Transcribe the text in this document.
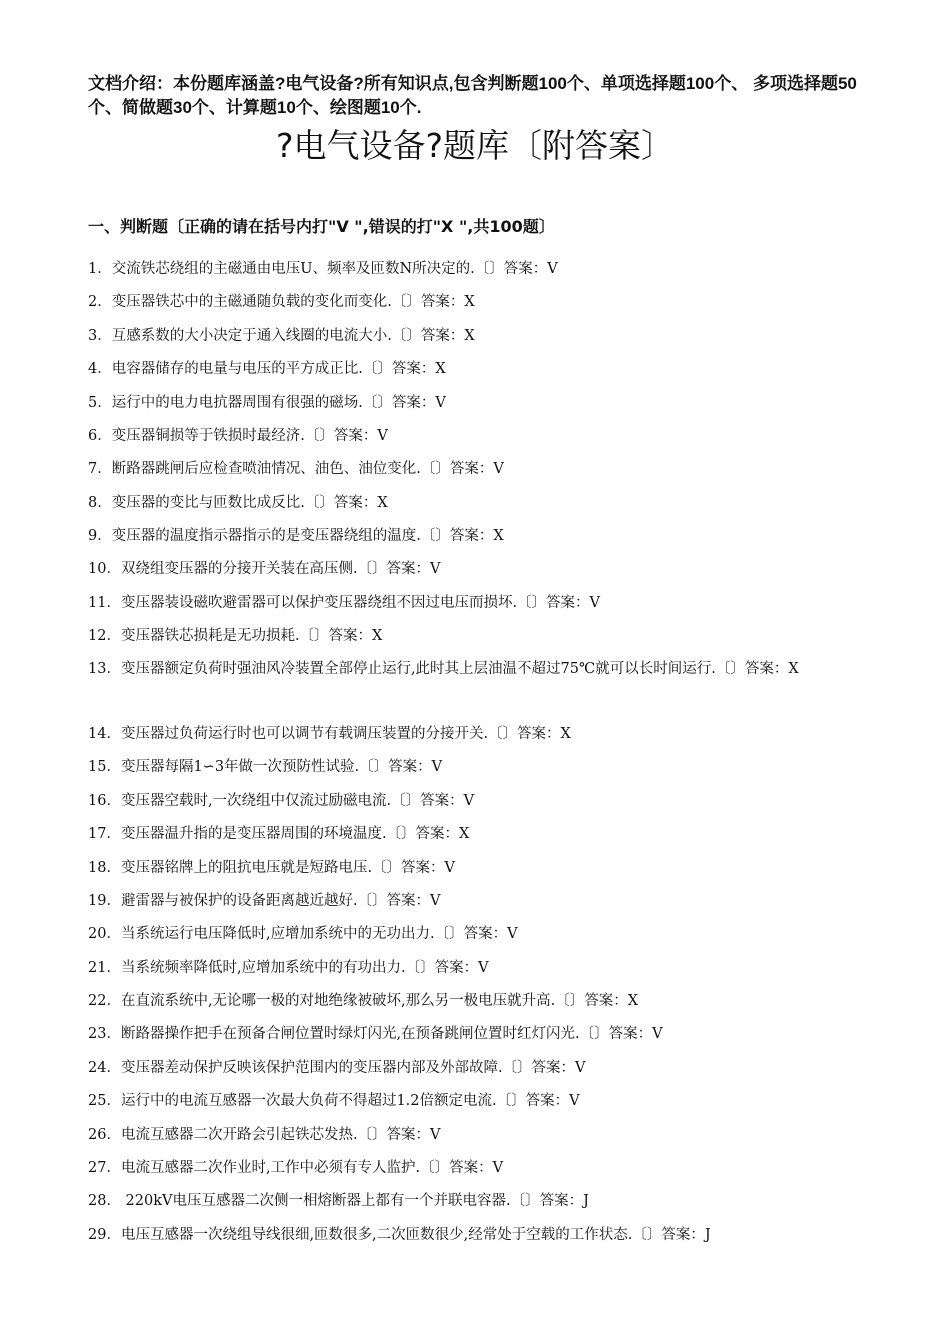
文档介绍：本份题库涵盖?电气设备?所有知识点,包含判断题100个、单项选择题100个、 多项选择题50个、简做题30个、计算题10个、绘图题10个.
?电气设备?题库〔附答案〕
一、判断题〔正确的请在括号内打"V ",错误的打"X ",共100题〕
1．交流铁芯绕组的主磁通由电压U、频率及匝数N所决定的.〔〕答案：V
2．变压器铁芯中的主磁通随负载的变化而变化.〔〕答案：X
3．互感系数的大小决定于通入线圈的电流大小.〔〕答案：X
4．电容器储存的电量与电压的平方成正比.〔〕答案：X
5．运行中的电力电抗器周围有很强的磁场.〔〕答案：V
6．变压器铜损等于铁损时最经济.〔〕答案：V
7．断路器跳闸后应检查喷油情况、油色、油位变化.〔〕答案：V
8．变压器的变比与匝数比成反比.〔〕答案：X
9．变压器的温度指示器指示的是变压器绕组的温度.〔〕答案：X
10．双绕组变压器的分接开关装在高压侧.〔〕答案：V
11．变压器装设磁吹避雷器可以保护变压器绕组不因过电压而损坏.〔〕答案：V
12．变压器铁芯损耗是无功损耗.〔〕答案：X
13．变压器额定负荷时强油风冷装置全部停止运行,此时其上层油温不超过75℃就可以长时间运行.〔〕答案：X
14．变压器过负荷运行时也可以调节有载调压装置的分接开关.〔〕答案：X
15．变压器每隔1∽3年做一次预防性试验.〔〕答案：V
16．变压器空载时,一次绕组中仅流过励磁电流.〔〕答案：V
17．变压器温升指的是变压器周围的环境温度.〔〕答案：X
18．变压器铭牌上的阻抗电压就是短路电压.〔〕答案：V
19．避雷器与被保护的设备距离越近越好.〔〕答案：V
20．当系统运行电压降低时,应增加系统中的无功出力.〔〕答案：V
21．当系统频率降低时,应增加系统中的有功出力.〔〕答案：V
22．在直流系统中,无论哪一极的对地绝缘被破坏,那么另一极电压就升高.〔〕答案：X
23．断路器操作把手在预备合闸位置时绿灯闪光,在预备跳闸位置时红灯闪光.〔〕答案：V
24．变压器差动保护反映该保护范围内的变压器内部及外部故障.〔〕答案：V
25．运行中的电流互感器一次最大负荷不得超过1.2倍额定电流.〔〕答案：V
26．电流互感器二次开路会引起铁芯发热.〔〕答案：V
27．电流互感器二次作业时,工作中必须有专人监护.〔〕答案：V
28． 220kV电压互感器二次侧一相熔断器上都有一个并联电容器.〔〕答案：J
29．电压互感器一次绕组导线很细,匝数很多,二次匝数很少,经常处于空载的工作状态.〔〕答案：J
